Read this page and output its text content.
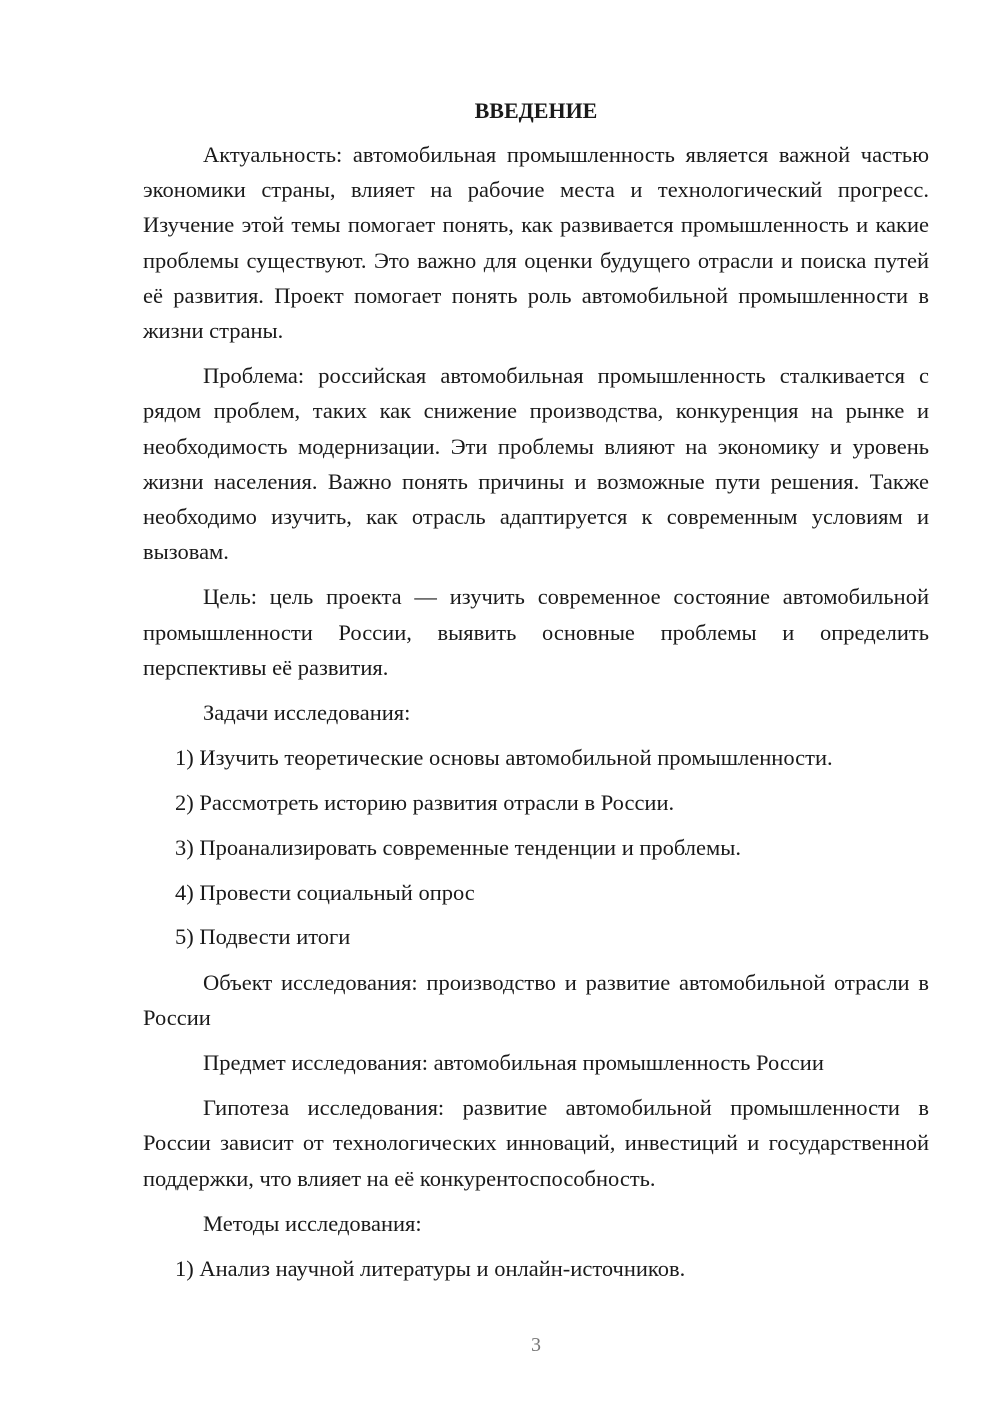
ВВЕДЕНИЕ

Актуальность: автомобильная промышленность является важной частью экономики страны, влияет на рабочие места и технологический прогресс. Изучение этой темы помогает понять, как развивается промышленность и какие проблемы существуют. Это важно для оценки будущего отрасли и поиска путей её развития. Проект помогает понять роль автомобильной промышленности в жизни страны.

Проблема: российская автомобильная промышленность сталкивается с рядом проблем, таких как снижение производства, конкуренция на рынке и необходимость модернизации. Эти проблемы влияют на экономику и уровень жизни населения. Важно понять причины и возможные пути решения. Также необходимо изучить, как отрасль адаптируется к современным условиям и вызовам.

Цель: цель проекта — изучить современное состояние автомобильной промышленности России, выявить основные проблемы и определить перспективы её развития.

Задачи исследования:
1) Изучить теоретические основы автомобильной промышленности.
2) Рассмотреть историю развития отрасли в России.
3) Проанализировать современные тенденции и проблемы.
4) Провести социальный опрос
5) Подвести итоги

Объект исследования: производство и развитие автомобильной отрасли в России

Предмет исследования: автомобильная промышленность России

Гипотеза исследования: развитие автомобильной промышленности в России зависит от технологических инноваций, инвестиций и государственной поддержки, что влияет на её конкурентоспособность.

Методы исследования:
1) Анализ научной литературы и онлайн-источников.
3
